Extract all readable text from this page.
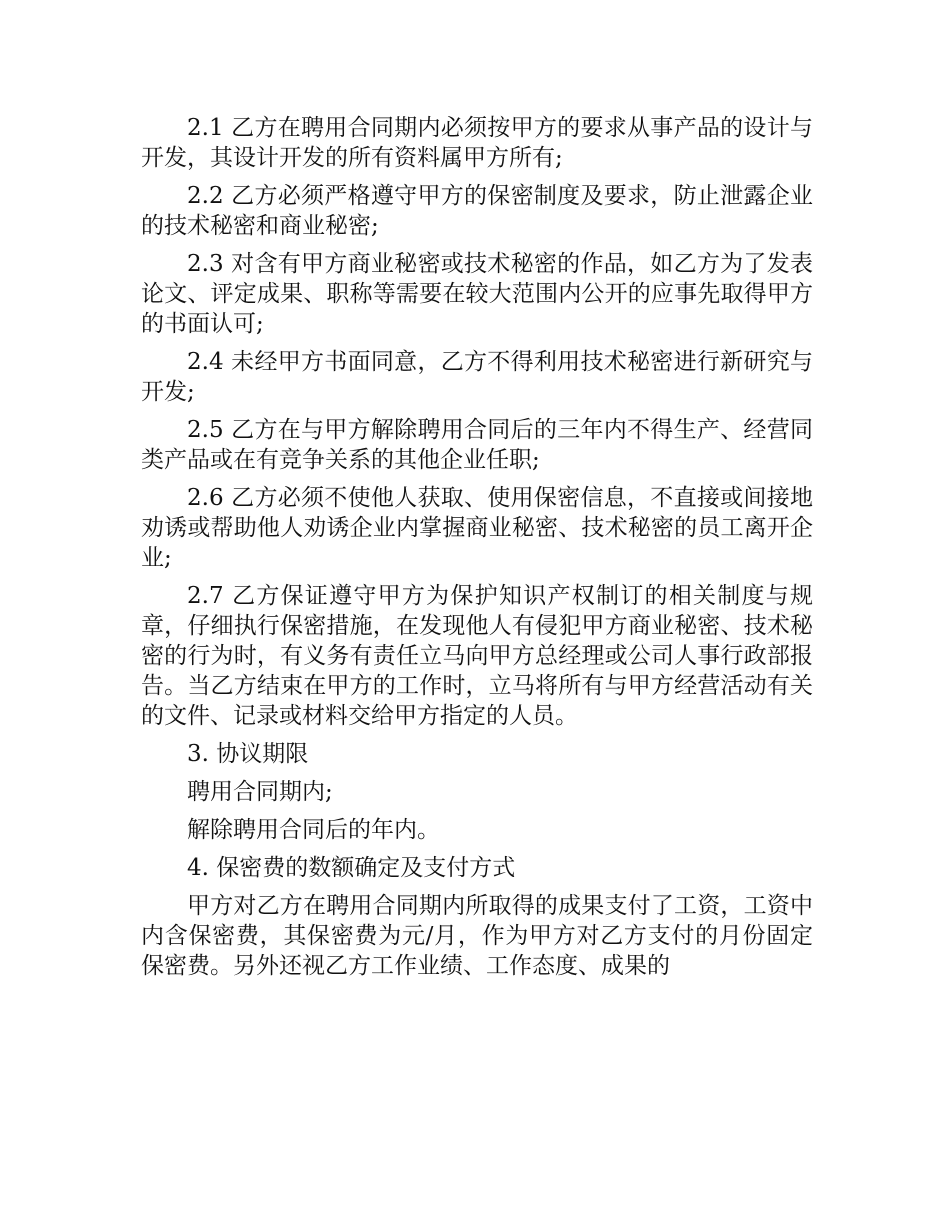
2.1 乙方在聘用合同期内必须按甲方的要求从事产品的设计与开发，其设计开发的所有资料属甲方所有;

2.2 乙方必须严格遵守甲方的保密制度及要求，防止泄露企业的技术秘密和商业秘密;

2.3 对含有甲方商业秘密或技术秘密的作品，如乙方为了发表论文、评定成果、职称等需要在较大范围内公开的应事先取得甲方的书面认可;

2.4 未经甲方书面同意，乙方不得利用技术秘密进行新研究与开发;

2.5 乙方在与甲方解除聘用合同后的三年内不得生产、经营同类产品或在有竞争关系的其他企业任职;

2.6 乙方必须不使他人获取、使用保密信息，不直接或间接地劝诱或帮助他人劝诱企业内掌握商业秘密、技术秘密的员工离开企业;

2.7 乙方保证遵守甲方为保护知识产权制订的相关制度与规章，仔细执行保密措施，在发现他人有侵犯甲方商业秘密、技术秘密的行为时，有义务有责任立马向甲方总经理或公司人事行政部报告。当乙方结束在甲方的工作时，立马将所有与甲方经营活动有关的文件、记录或材料交给甲方指定的人员。

3. 协议期限

聘用合同期内;

解除聘用合同后的年内。

4. 保密费的数额确定及支付方式

甲方对乙方在聘用合同期内所取得的成果支付了工资，工资中内含保密费，其保密费为元/月，作为甲方对乙方支付的月份固定保密费。另外还视乙方工作业绩、工作态度、成果的
